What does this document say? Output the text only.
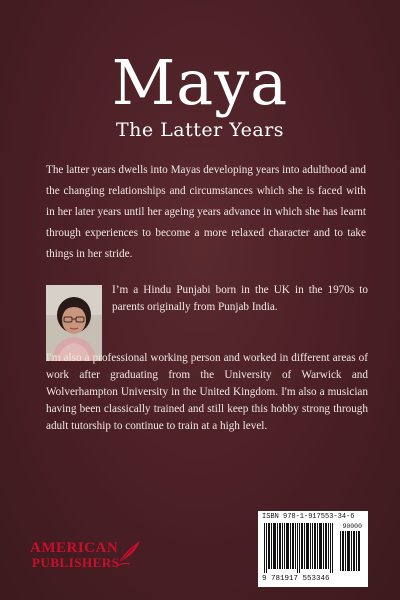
Maya
The Latter Years

The latter years dwells into Mayas developing years into adulthood and the changing relationships and circumstances which she is faced with in her later years until her ageing years advance in which she has learnt through experiences to become a more relaxed character and to take things in her stride.

I’m a Hindu Punjabi born in the UK in the 1970s to parents originally from Punjab India.

I'm also a professional working person and worked in different areas of work after graduating from the University of Warwick and Wolverhampton University in the United Kingdom. I'm also a musician having been classically trained and still keep this hobby strong through adult tutorship to continue to train at a high level.

AMERICAN
PUBLISHERS
ISBN 978-1-917553-34-6
90000
9 781917 553346
